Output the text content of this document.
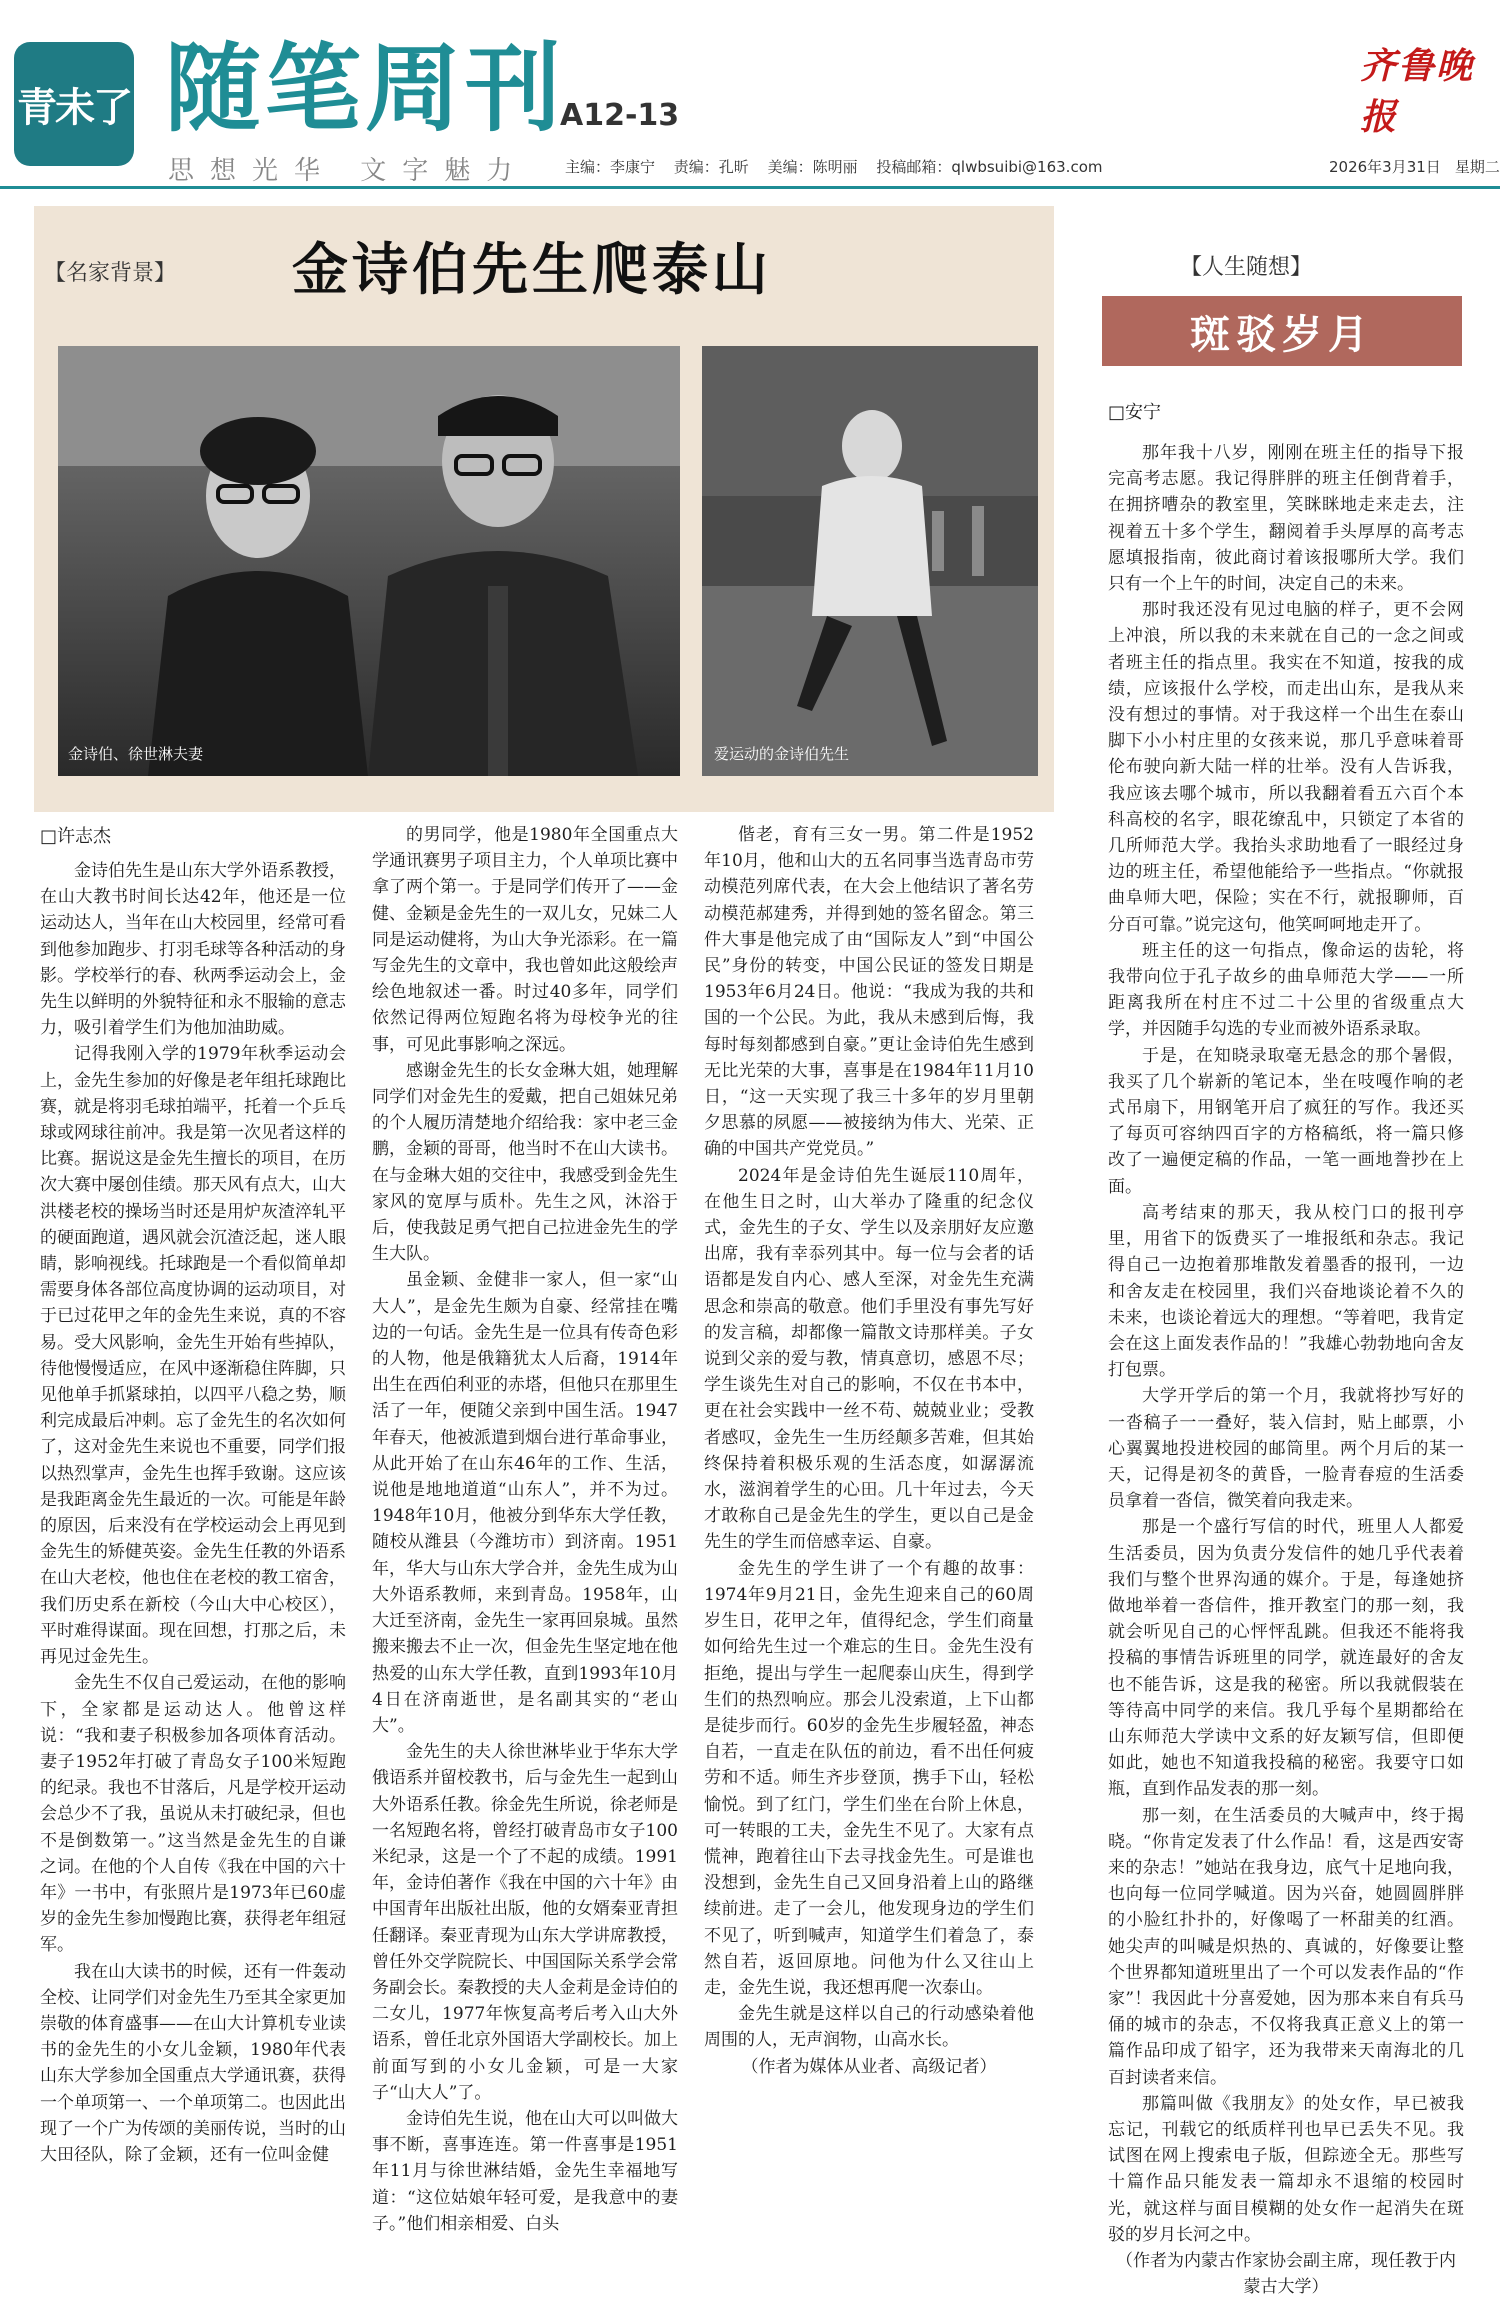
青未了 随笔周刊
A12-13
思想光华 文字魅力 主编：李康宁 责编：孔昕 美编：陈明丽 投稿邮箱：qlwbsuibi@163.com
齐鲁晚报
2026年3月31日 星期二
【名家背景】 金诗伯先生爬泰山
金诗伯、徐世淋夫妻	爱运动的金诗伯先生
□许志杰

金诗伯先生是山东大学外语系教授，在山大教书时间长达42年，他还是一位运动达人，当年在山大校园里，经常可看到他参加跑步、打羽毛球等各种活动的身影。学校举行的春、秋两季运动会上，金先生以鲜明的外貌特征和永不服输的意志力，吸引着学生们为他加油助威。

记得我刚入学的1979年秋季运动会上，金先生参加的好像是老年组托球跑比赛，就是将羽毛球拍端平，托着一个乒乓球或网球往前冲。我是第一次见者这样的比赛。据说这是金先生擅长的项目，在历次大赛中屡创佳绩。那天风有点大，山大洪楼老校的操场当时还是用炉灰渣淬轧平的硬面跑道，遇风就会沉渣泛起，迷人眼睛，影响视线。托球跑是一个看似简单却需要身体各部位高度协调的运动项目，对于已过花甲之年的金先生来说，真的不容易。受大风影响，金先生开始有些掉队，待他慢慢适应，在风中逐渐稳住阵脚，只见他单手抓紧球拍，以四平八稳之势，顺利完成最后冲刺。忘了金先生的名次如何了，这对金先生来说也不重要，同学们报以热烈掌声，金先生也挥手致谢。这应该是我距离金先生最近的一次。可能是年龄的原因，后来没有在学校运动会上再见到金先生的矫健英姿。金先生任教的外语系在山大老校，他也住在老校的教工宿舍，我们历史系在新校（今山大中心校区），平时难得谋面。现在回想，打那之后，未再见过金先生。

金先生不仅自己爱运动，在他的影响下，全家都是运动达人。他曾这样说：“我和妻子积极参加各项体育活动。妻子1952年打破了青岛女子100米短跑的纪录。我也不甘落后，凡是学校开运动会总少不了我，虽说从未打破纪录，但也不是倒数第一。”这当然是金先生的自谦之词。在他的个人自传《我在中国的六十年》一书中，有张照片是1973年已60虚岁的金先生参加慢跑比赛，获得老年组冠军。

我在山大读书的时候，还有一件轰动全校、让同学们对金先生乃至其全家更加崇敬的体育盛事——在山大计算机专业读书的金先生的小女儿金颖，1980年代表山东大学参加全国重点大学通讯赛，获得一个单项第一、一个单项第二。也因此出现了一个广为传颂的美丽传说，当时的山大田径队，除了金颖，还有一位叫金健

的男同学，他是1980年全国重点大学通讯赛男子项目主力，个人单项比赛中拿了两个第一。于是同学们传开了——金健、金颖是金先生的一双儿女，兄妹二人同是运动健将，为山大争光添彩。在一篇写金先生的文章中，我也曾如此这般绘声绘色地叙述一番。时过40多年，同学们依然记得两位短跑名将为母校争光的往事，可见此事影响之深远。

感谢金先生的长女金琳大姐，她理解同学们对金先生的爱戴，把自己姐妹兄弟的个人履历清楚地介绍给我：家中老三金鹏，金颖的哥哥，他当时不在山大读书。在与金琳大姐的交往中，我感受到金先生家风的宽厚与质朴。先生之风，沐浴于后，使我鼓足勇气把自己拉进金先生的学生大队。

虽金颖、金健非一家人，但一家“山大人”，是金先生颇为自豪、经常挂在嘴边的一句话。金先生是一位具有传奇色彩的人物，他是俄籍犹太人后裔，1914年出生在西伯利亚的赤塔，但他只在那里生活了一年，便随父亲到中国生活。1947年春天，他被派遣到烟台进行革命事业，从此开始了在山东46年的工作、生活，说他是地地道道“山东人”，并不为过。1948年10月，他被分到华东大学任教，随校从潍县（今潍坊市）到济南。1951年，华大与山东大学合并，金先生成为山大外语系教师，来到青岛。1958年，山大迁至济南，金先生一家再回泉城。虽然搬来搬去不止一次，但金先生坚定地在他热爱的山东大学任教，直到1993年10月4日在济南逝世，是名副其实的“老山大”。

金先生的夫人徐世淋毕业于华东大学俄语系并留校教书，后与金先生一起到山大外语系任教。徐金先生所说，徐老师是一名短跑名将，曾经打破青岛市女子100米纪录，这是一个了不起的成绩。1991年，金诗伯著作《我在中国的六十年》由中国青年出版社出版，他的女婿秦亚青担任翻译。秦亚青现为山东大学讲席教授，曾任外交学院院长、中国国际关系学会常务副会长。秦教授的夫人金莉是金诗伯的二女儿，1977年恢复高考后考入山大外语系，曾任北京外国语大学副校长。加上前面写到的小女儿金颖，可是一大家子“山大人”了。

金诗伯先生说，他在山大可以叫做大事不断，喜事连连。第一件喜事是1951年11月与徐世淋结婚，金先生幸福地写道：“这位姑娘年轻可爱，是我意中的妻子。”他们相亲相爱、白头

偕老，育有三女一男。第二件是1952年10月，他和山大的五名同事当选青岛市劳动模范列席代表，在大会上他结识了著名劳动模范郝建秀，并得到她的签名留念。第三件大事是他完成了由“国际友人”到“中国公民”身份的转变，中国公民证的签发日期是1953年6月24日。他说：“我成为我的共和国的一个公民。为此，我从未感到后悔，我每时每刻都感到自豪。”更让金诗伯先生感到无比光荣的大事，喜事是在1984年11月10日，“这一天实现了我三十多年的岁月里朝夕思慕的夙愿——被接纳为伟大、光荣、正确的中国共产党党员。”

2024年是金诗伯先生诞辰110周年，在他生日之时，山大举办了隆重的纪念仪式，金先生的子女、学生以及亲朋好友应邀出席，我有幸忝列其中。每一位与会者的话语都是发自内心、感人至深，对金先生充满思念和崇高的敬意。他们手里没有事先写好的发言稿，却都像一篇散文诗那样美。子女说到父亲的爱与教，情真意切，感恩不尽；学生谈先生对自己的影响，不仅在书本中，更在社会实践中一丝不苟、兢兢业业；受教者感叹，金先生一生历经颠多苦难，但其始终保持着积极乐观的生活态度，如潺潺流水，滋润着学生的心田。几十年过去，今天才敢称自己是金先生的学生，更以自己是金先生的学生而倍感幸运、自豪。

金先生的学生讲了一个有趣的故事：1974年9月21日，金先生迎来自己的60周岁生日，花甲之年，值得纪念，学生们商量如何给先生过一个难忘的生日。金先生没有拒绝，提出与学生一起爬泰山庆生，得到学生们的热烈响应。那会儿没索道，上下山都是徒步而行。60岁的金先生步履轻盈，神态自若，一直走在队伍的前边，看不出任何疲劳和不适。师生齐步登顶，携手下山，轻松愉悦。到了红门，学生们坐在台阶上休息，可一转眼的工夫，金先生不见了。大家有点慌神，跑着往山下去寻找金先生。可是谁也没想到，金先生自己又回身沿着上山的路继续前进。走了一会儿，他发现身边的学生们不见了，听到喊声，知道学生们着急了，泰然自若，返回原地。问他为什么又往山上走，金先生说，我还想再爬一次泰山。

金先生就是这样以自己的行动感染着他周围的人，无声润物，山高水长。

（作者为媒体从业者、高级记者）

【人生随想】
斑驳岁月
□安宁

那年我十八岁，刚刚在班主任的指导下报完高考志愿。我记得胖胖的班主任倒背着手，在拥挤嘈杂的教室里，笑眯眯地走来走去，注视着五十多个学生，翻阅着手头厚厚的高考志愿填报指南，彼此商讨着该报哪所大学。我们只有一个上午的时间，决定自己的未来。

那时我还没有见过电脑的样子，更不会网上冲浪，所以我的未来就在自己的一念之间或者班主任的指点里。我实在不知道，按我的成绩，应该报什么学校，而走出山东，是我从来没有想过的事情。对于我这样一个出生在泰山脚下小小村庄里的女孩来说，那几乎意味着哥伦布驶向新大陆一样的壮举。没有人告诉我，我应该去哪个城市，所以我翻着看五六百个本科高校的名字，眼花缭乱中，只锁定了本省的几所师范大学。我抬头求助地看了一眼经过身边的班主任，希望他能给予一些指点。“你就报曲阜师大吧，保险；实在不行，就报聊师，百分百可靠。”说完这句，他笑呵呵地走开了。

班主任的这一句指点，像命运的齿轮，将我带向位于孔子故乡的曲阜师范大学——一所距离我所在村庄不过二十公里的省级重点大学，并因随手勾选的专业而被外语系录取。

于是，在知晓录取毫无悬念的那个暑假，我买了几个崭新的笔记本，坐在吱嘎作响的老式吊扇下，用钢笔开启了疯狂的写作。我还买了每页可容纳四百字的方格稿纸，将一篇只修改了一遍便定稿的作品，一笔一画地誊抄在上面。

高考结束的那天，我从校门口的报刊亭里，用省下的饭费买了一堆报纸和杂志。我记得自己一边抱着那堆散发着墨香的报刊，一边和舍友走在校园里，我们兴奋地谈论着不久的未来，也谈论着远大的理想。“等着吧，我肯定会在这上面发表作品的！”我雄心勃勃地向舍友打包票。

大学开学后的第一个月，我就将抄写好的一沓稿子一一叠好，装入信封，贴上邮票，小心翼翼地投进校园的邮筒里。两个月后的某一天，记得是初冬的黄昏，一脸青春痘的生活委员拿着一沓信，微笑着向我走来。

那是一个盛行写信的时代，班里人人都爱生活委员，因为负责分发信件的她几乎代表着我们与整个世界沟通的媒介。于是，每逢她挤做地举着一沓信件，推开教室门的那一刻，我就会听见自己的心怦怦乱跳。但我还不能将我投稿的事情告诉班里的同学，就连最好的舍友也不能告诉，这是我的秘密。所以我就假装在等待高中同学的来信。我几乎每个星期都给在山东师范大学读中文系的好友颖写信，但即便如此，她也不知道我投稿的秘密。我要守口如瓶，直到作品发表的那一刻。

那一刻，在生活委员的大喊声中，终于揭晓。“你肯定发表了什么作品！看，这是西安寄来的杂志！”她站在我身边，底气十足地向我，也向每一位同学喊道。因为兴奋，她圆圆胖胖的小脸红扑扑的，好像喝了一杯甜美的红酒。她尖声的叫喊是炽热的、真诚的，好像要让整个世界都知道班里出了一个可以发表作品的“作家”！我因此十分喜爱她，因为那本来自有兵马俑的城市的杂志，不仅将我真正意义上的第一篇作品印成了铅字，还为我带来天南海北的几百封读者来信。

那篇叫做《我朋友》的处女作，早已被我忘记，刊载它的纸质样刊也早已丢失不见。我试图在网上搜索电子版，但踪迹全无。那些写十篇作品只能发表一篇却永不退缩的校园时光，就这样与面目模糊的处女作一起消失在斑驳的岁月长河之中。

（作者为内蒙古作家协会副主席，现任教于内蒙古大学）
